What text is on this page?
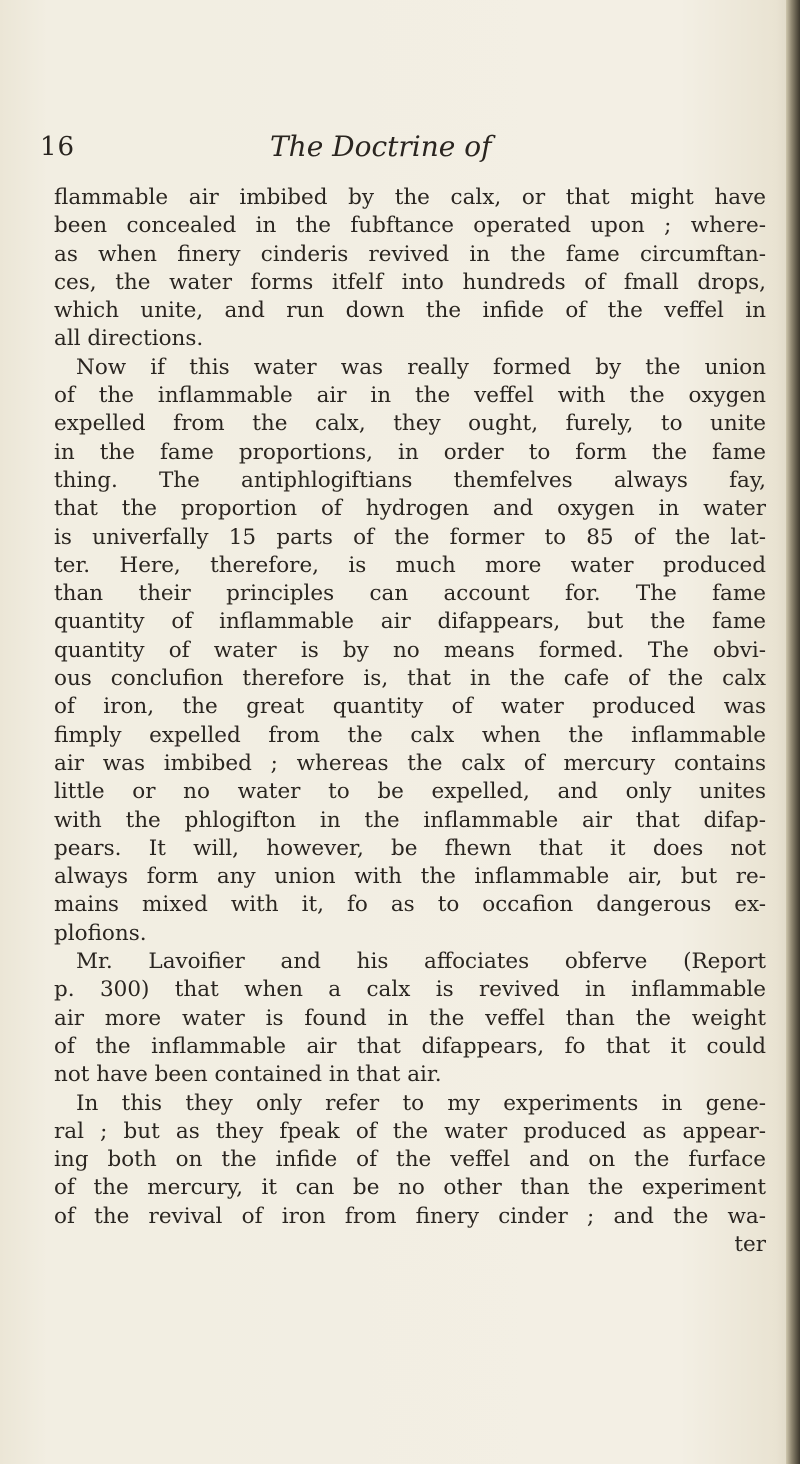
16	The Doctrine of
flammable air imbibed by the calx, or that might have
been concealed in the fubftance operated upon ; where-
as when finery cinderis revived in the fame circumftan-
ces, the water forms itfelf into hundreds of fmall drops,
which unite, and run down the infide of the veffel in
all directions.
Now if this water was really formed by the union
of the inflammable air in the veffel with the oxygen
expelled from the calx, they ought, furely, to unite
in the fame proportions, in order to form the fame
thing. The antiphlogiftians themfelves always fay,
that the proportion of hydrogen and oxygen in water
is univerfally 15 parts of the former to 85 of the lat-
ter. Here, therefore, is much more water produced
than their principles can account for. The fame
quantity of inflammable air difappears, but the fame
quantity of water is by no means formed. The obvi-
ous conclufion therefore is, that in the cafe of the calx
of iron, the great quantity of water produced was
fimply expelled from the calx when the inflammable
air was imbibed ; whereas the calx of mercury contains
little or no water to be expelled, and only unites
with the phlogifton in the inflammable air that difap-
pears. It will, however, be fhewn that it does not
always form any union with the inflammable air, but re-
mains mixed with it, fo as to occafion dangerous ex-
plofions.
Mr. Lavoifier and his affociates obferve (Report
p. 300) that when a calx is revived in inflammable
air more water is found in the veffel than the weight
of the inflammable air that difappears, fo that it could
not have been contained in that air.
In this they only refer to my experiments in gene-
ral ; but as they fpeak of the water produced as appear-
ing both on the infide of the veffel and on the furface
of the mercury, it can be no other than the experiment
of the revival of iron from finery cinder ; and the wa-
ter
